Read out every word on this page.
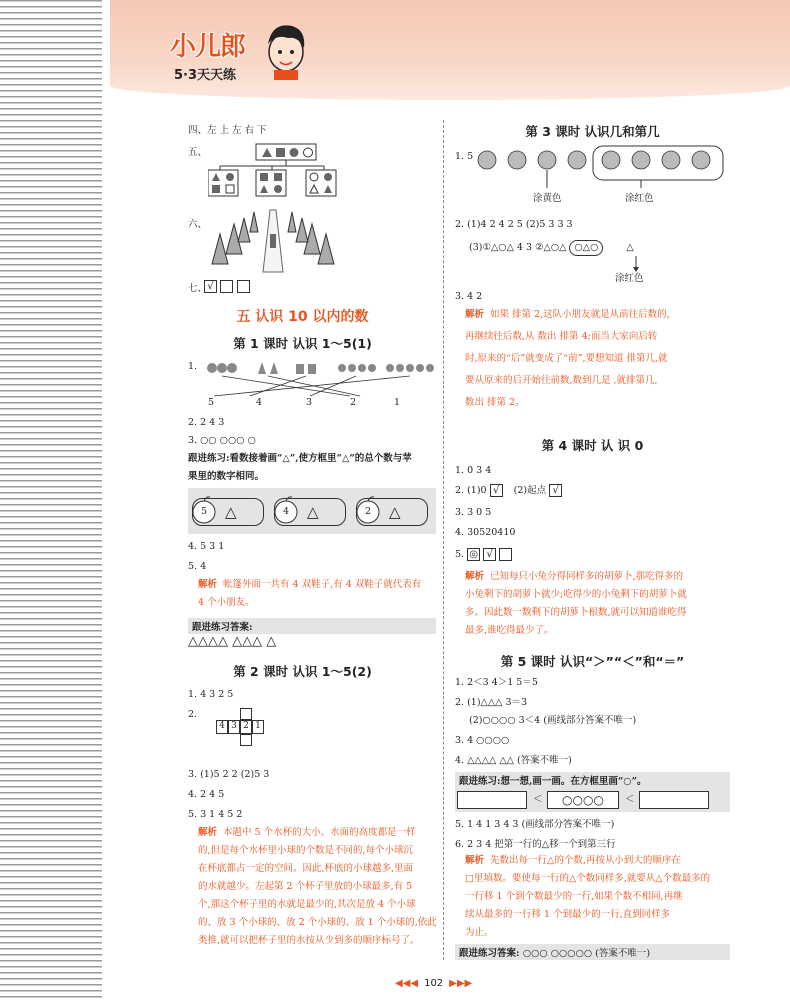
小儿郎
5·3天天练
四、左 上 左 右 下
五、
六、
七、 √
五 认识 10 以内的数
第 1 课时 认识 1～5(1)
1.
5	4	3	2	1
2. 2 4 3
3. ○○ ○○○ ○
跟进练习:看数接着画“△”,使方框里“△”的总个数与苹
果里的数字相同。
5 △	4 △	2 △
4. 5 3 1
5. 4
解析 帐篷外面一共有 4 双鞋子,有 4 双鞋子就代表有
4 个小朋友。
跟进练习答案:
△△△△ △△△ △
第 2 课时 认识 1～5(2)
1. 4 3 2 5
2.
4 3 2 1
3. (1)5 2 2 (2)5 3
4. 2 4 5
5. 3 1 4 5 2
解析 本题中 5 个水杯的大小、水面的高度都是一样
的,但是每个水杯里小球的个数是不同的,每个小球沉
在杯底都占一定的空间。因此,杯底的小球越多,里面
的水就越少。左起第 2 个杯子里放的小球最多,有 5
个,那这个杯子里的水就是最少的,其次是放 4 个小球
的、放 3 个小球的、放 2 个小球的、放 1 个小球的,依此
类推,就可以把杯子里的水按从少到多的顺序标号了。
第 3 课时 认识几和第几
1. 5
涂黄色	涂红色
2. (1)4 2 4 2 5 (2)5 3 3 3
(3)①△○△ 4 3 ②△○△ ○△○	△
涂红色
3. 4 2
解析 如果 排第 2,这队小朋友就是从前往后数的,
再继续往后数,从 数出 排第 4;而当大家向后转
时,原来的“后”就变成了“前”,要想知道 排第几,就
要从原来的后开始往前数,数到几是 ,就排第几,
数出 排第 2。
第 4 课时 认 识 0
1. 0 3 4
2. (1)0 √ (2)起点 √
3. 3 0 5
4. 30520410
5. ◎ √
解析 已知每只小兔分得同样多的胡萝卜,那吃得多的
小兔剩下的胡萝卜就少;吃得少的小兔剩下的胡萝卜就
多。因此数一数剩下的胡萝卜根数,就可以知道谁吃得
最多,谁吃得最少了。
第 5 课时 认识“＞”“＜”和“＝”
1. 2＜3 4＞1 5＝5
2. (1)△△△ 3＝3
(2)○○○○ 3＜4 (画线部分答案不唯一)
3. 4 ○○○○
4. △△△△ △△ (答案不唯一)
跟进练习:想一想,画一画。在方框里画“○”。
＜	○○○○	＜
5. 1 4 1 3 4 3 (画线部分答案不唯一)
6. 2 3 4 把第一行的△移一个到第三行
解析 先数出每一行△的个数,再按从小到大的顺序在
□里填数。要使每一行的△个数同样多,就要从△个数最多的
一行移 1 个到个数最少的一行,如果个数不相同,再继
续从最多的一行移 1 个到最少的一行,直到同样多
为止。
跟进练习答案: ○○○ ○○○○○ (答案不唯一)
◀◀◀ 102 ▶▶▶
